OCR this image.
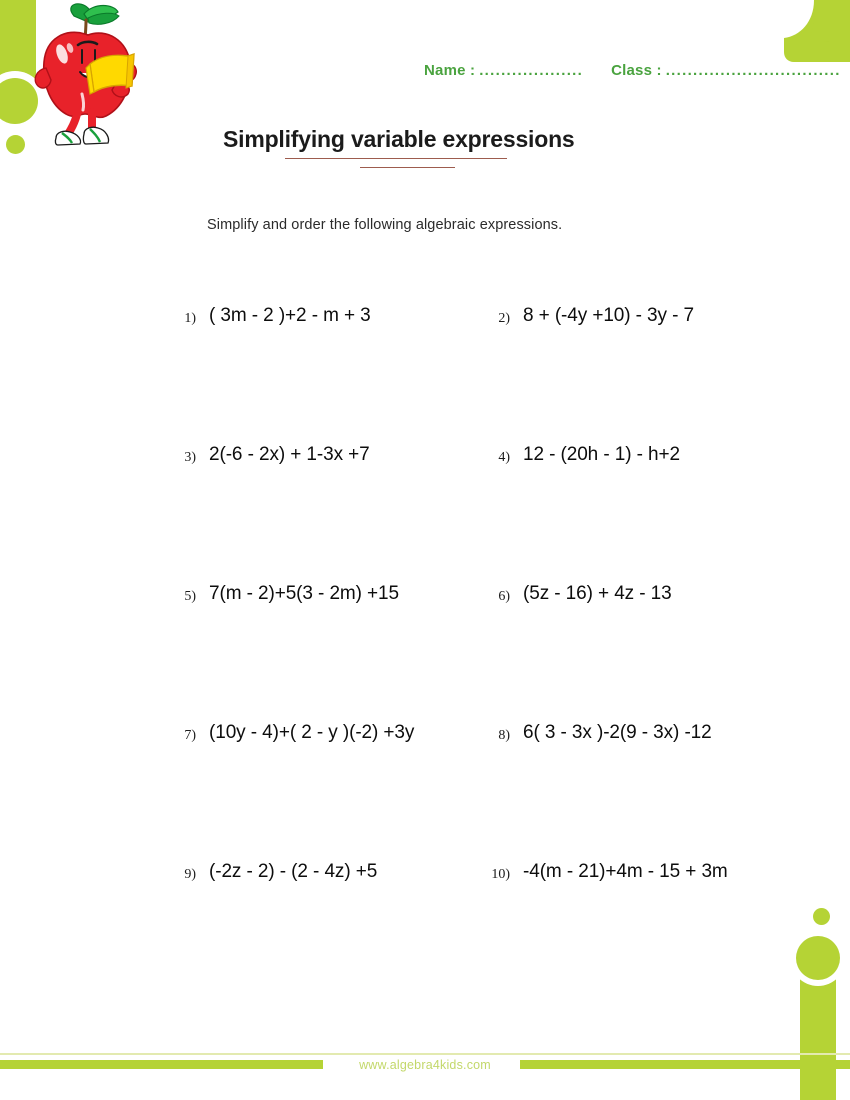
Name : ................... Class : ................................
Simplifying variable expressions
Simplify and order the following algebraic expressions.
1) ( 3m - 2 )+2 - m + 3	2) 8 + (-4y +10) - 3y - 7
3) 2(-6 - 2x) + 1-3x +7	4) 12 - (20h - 1) - h+2
5) 7(m - 2)+5(3 - 2m) +15	6) (5z - 16) + 4z - 13
7) (10y - 4)+( 2 - y )(-2) +3y	8) 6( 3 - 3x )-2(9 - 3x) -12
9) (-2z - 2) - (2 - 4z) +5	10) -4(m - 21)+4m - 15 + 3m
www.algebra4kids.com
